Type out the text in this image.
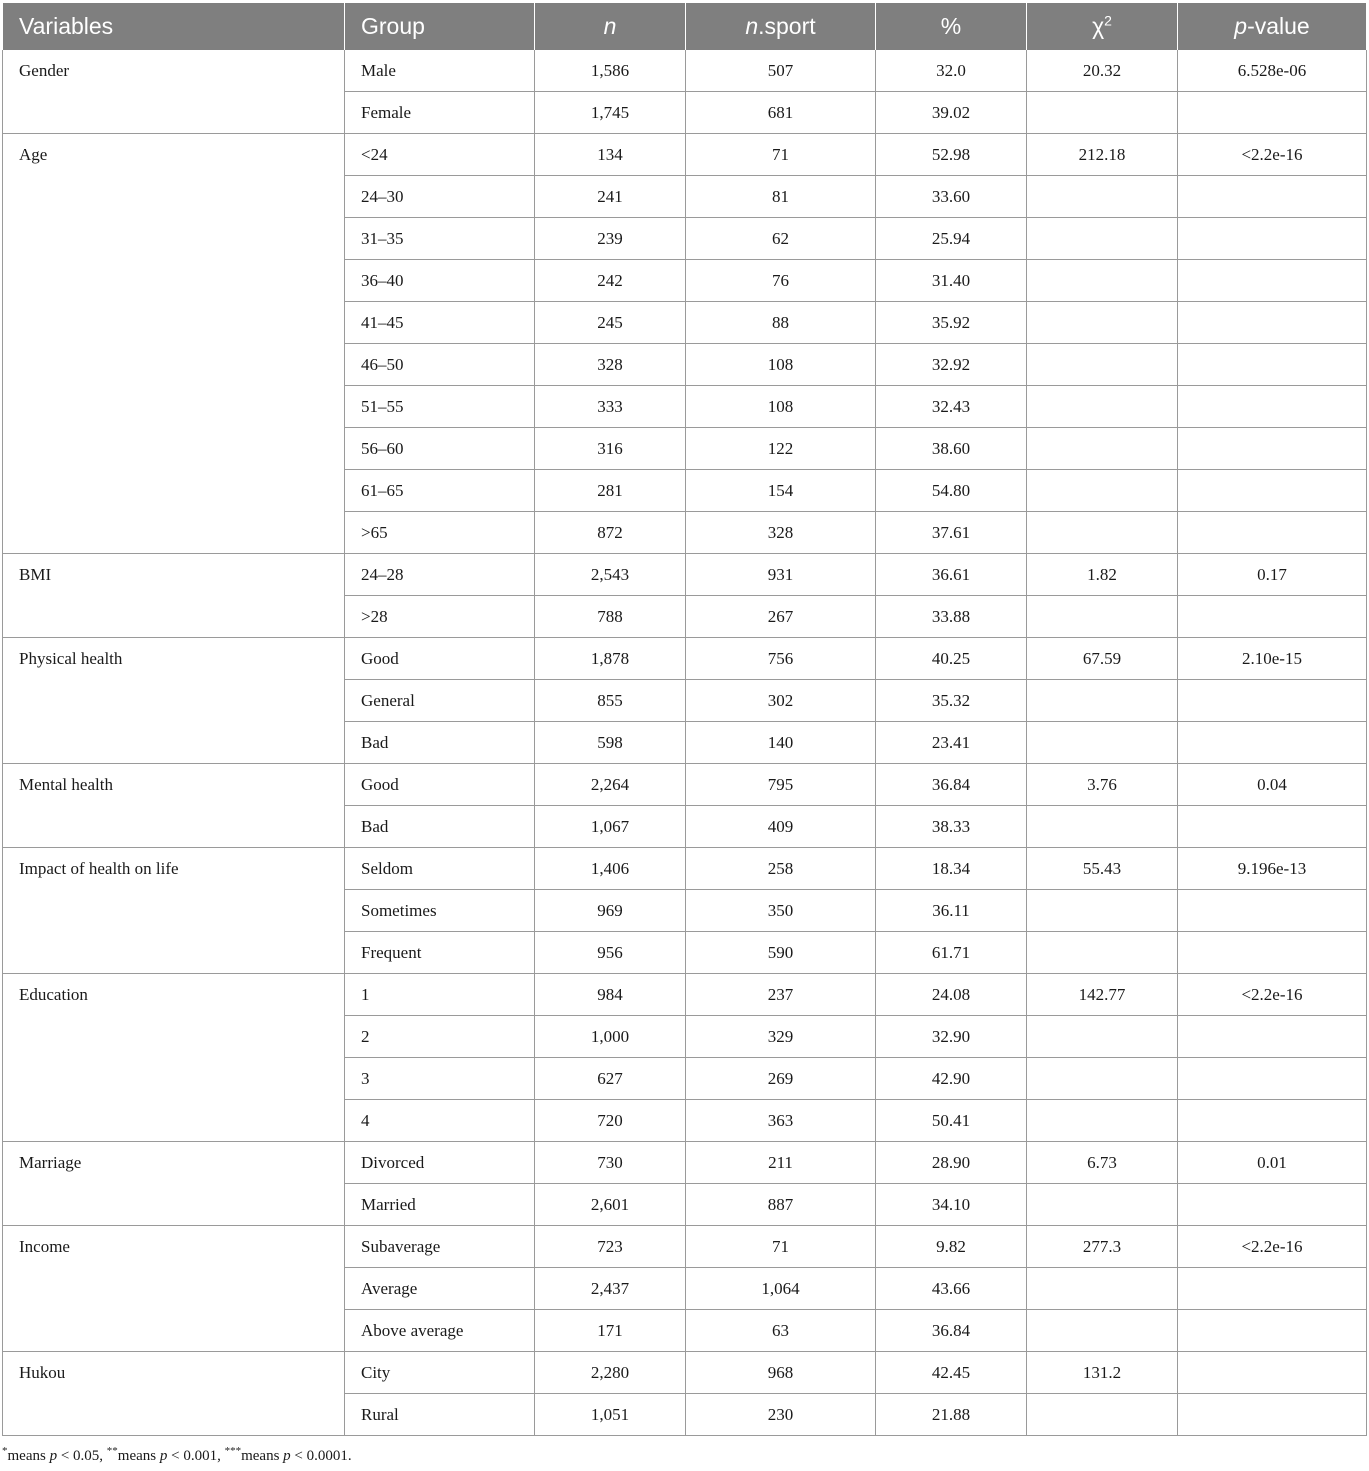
Variables	Group	n	n.sport	%	$\chi^2$	p-value
Gender	Male	1,586	507	32.0	20.32	6.528e-06
	Female	1,745	681	39.02		
Age	<24	134	71	52.98	212.18	<2.2e-16
	24–30	241	81	33.60		
	31–35	239	62	25.94		
	36–40	242	76	31.40		
	41–45	245	88	35.92		
	46–50	328	108	32.92		
	51–55	333	108	32.43		
	56–60	316	122	38.60		
	61–65	281	154	54.80		
	>65	872	328	37.61		
BMI	24–28	2,543	931	36.61	1.82	0.17
	>28	788	267	33.88		
Physical health	Good	1,878	756	40.25	67.59	2.10e-15
	General	855	302	35.32		
	Bad	598	140	23.41		
Mental health	Good	2,264	795	36.84	3.76	0.04
	Bad	1,067	409	38.33		
Impact of health on life	Seldom	1,406	258	18.34	55.43	9.196e-13
	Sometimes	969	350	36.11		
	Frequent	956	590	61.71		
Education	1	984	237	24.08	142.77	<2.2e-16
	2	1,000	329	32.90		
	3	627	269	42.90		
	4	720	363	50.41		
Marriage	Divorced	730	211	28.90	6.73	0.01
	Married	2,601	887	34.10		
Income	Subaverage	723	71	9.82	277.3	<2.2e-16
	Average	2,437	1,064	43.66		
	Above average	171	63	36.84		
Hukou	City	2,280	968	42.45	131.2	
	Rural	1,051	230	21.88		
*means p < 0.05, **means p < 0.001, ***means p < 0.0001.
